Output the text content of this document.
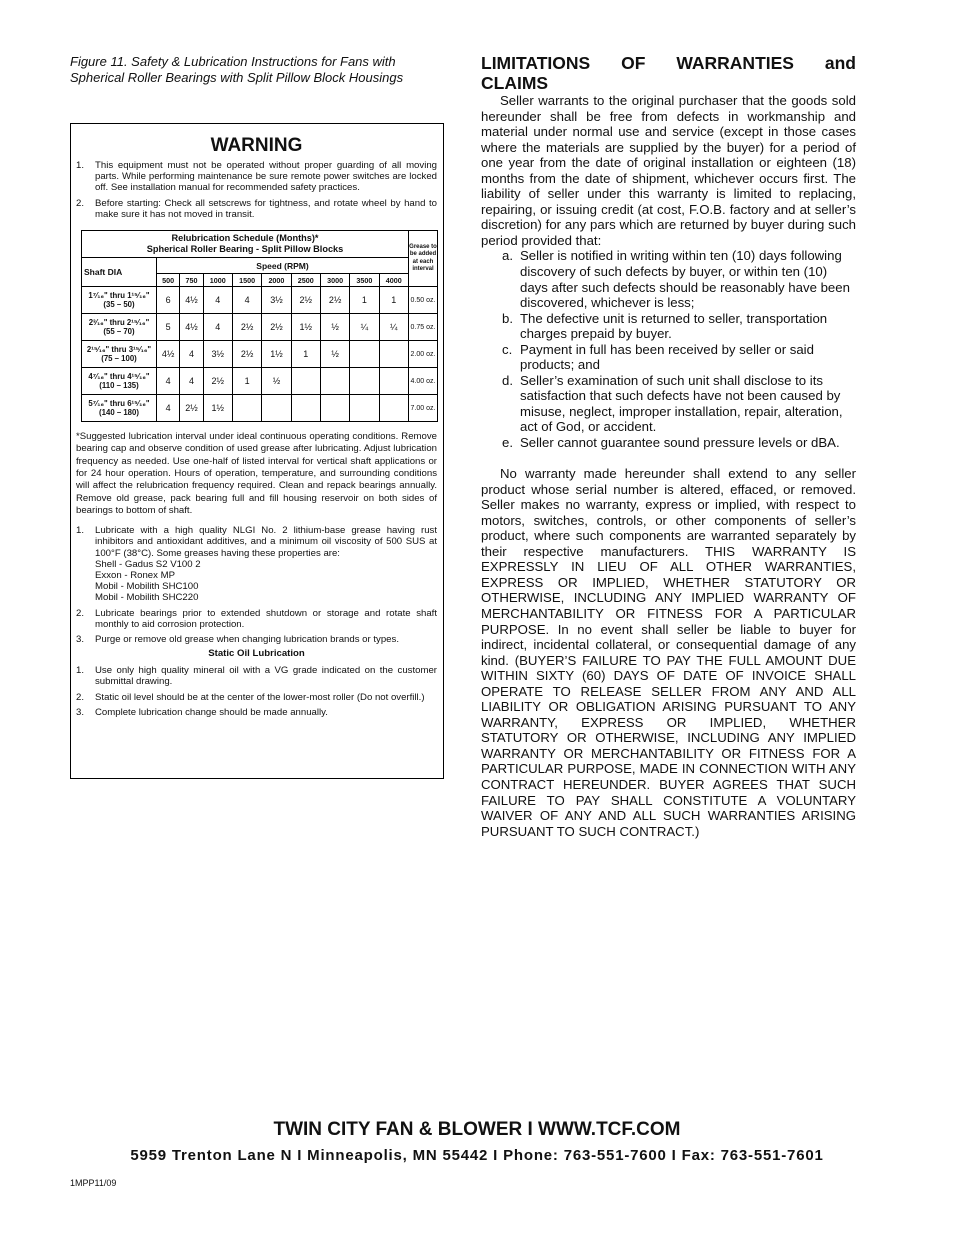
Figure 11. Safety & Lubrication Instructions for Fans with Spherical Roller Bearings with Split Pillow Block Housings
WARNING
1.	This equipment must not be operated without proper guarding of all moving parts. While performing maintenance be sure remote power switches are locked off. See installation manual for recommended safety practices.
2.	Before starting: Check all setscrews for tightness, and rotate wheel by hand to make sure it has not moved in transit.
Relubrication Schedule (Months)*
Spherical Roller Bearing - Split Pillow Blocks										Grease to be added at each interval
Shaft DIA	Speed (RPM)									
	500	750	1000	1500	2000	2500	3000	3500	4000	
1⁷⁄₁₆" thru 1¹⁵⁄₁₆"
(35 – 50)	6	4½	4	4	3½	2½	2½	1	1	0.50 oz.
2³⁄₁₆" thru 2¹⁵⁄₁₆"
(55 – 70)	5	4½	4	2½	2½	1½	½	¼	¼	0.75 oz.
2¹⁵⁄₁₆" thru 3¹⁵⁄₁₆"
(75 – 100)	4½	4	3½	2½	1½	1	½			2.00 oz.
4⁷⁄₁₆" thru 4¹⁵⁄₁₆"
(110 – 135)	4	4	2½	1	½					4.00 oz.
5⁷⁄₁₆" thru 6¹⁵⁄₁₆"
(140 – 180)	4	2½	1½							7.00 oz.
*Suggested lubrication interval under ideal continuous operating conditions. Remove bearing cap and observe condition of used grease after lubricating. Adjust lubrication frequency as needed. Use one-half of listed interval for vertical shaft applications or for 24 hour operation. Hours of operation, temperature, and surrounding conditions will affect the relubrication frequency required. Clean and repack bearings annually. Remove old grease, pack bearing full and fill housing reservoir on both sides of bearings to bottom of shaft.
1.	Lubricate with a high quality NLGI No. 2 lithium-base grease having rust inhibitors and antioxidant additives, and a minimum oil viscosity of 500 SUS at 100°F (38°C). Some greases having these properties are:
Shell - Gadus S2 V100 2
Exxon - Ronex MP
Mobil - Mobilith SHC100
Mobil - Mobilith SHC220
2.	Lubricate bearings prior to extended shutdown or storage and rotate shaft monthly to aid corrosion protection.
3.	Purge or remove old grease when changing lubrication brands or types.
Static Oil Lubrication
1.	Use only high quality mineral oil with a VG grade indicated on the customer submittal drawing.
2.	Static oil level should be at the center of the lower-most roller (Do not overfill.)
3.	Complete lubrication change should be made annually.
LIMITATIONS OF WARRANTIES and
CLAIMS
Seller warrants to the original purchaser that the goods sold hereunder shall be free from defects in workmanship and material under normal use and service (except in those cases where the materials are supplied by the buyer) for a period of one year from the date of original installation or eighteen (18) months from the date of shipment, whichever occurs first. The liability of seller under this warranty is limited to replacing, repairing, or issuing credit (at cost, F.O.B. factory and at seller’s discretion) for any pars which are returned by buyer during such period provided that:
a. Seller is notified in writing within ten (10) days following discovery of such defects by buyer, or within ten (10) days after such defects should be reasonably have been discovered, whichever is less;
b. The defective unit is returned to seller, transportation charges prepaid by buyer.
c. Payment in full has been received by seller or said products; and
d. Seller’s examination of such unit shall disclose to its satisfaction that such defects have not been caused by misuse, neglect, improper installation, repair, alteration, act of God, or accident.
e. Seller cannot guarantee sound pressure levels or dBA.
No warranty made hereunder shall extend to any seller product whose serial number is altered, effaced, or removed. Seller makes no warranty, express or implied, with respect to motors, switches, controls, or other components of seller’s product, where such components are warranted separately by their respective manufacturers. THIS WARRANTY IS EXPRESSLY IN LIEU OF ALL OTHER WARRANTIES, EXPRESS OR IMPLIED, WHETHER STATUTORY OR OTHERWISE, INCLUDING ANY IMPLIED WARRANTY OF MERCHANTABILITY OR FITNESS FOR A PARTICULAR PURPOSE. In no event shall seller be liable to buyer for indirect, incidental collateral, or consequential damage of any kind. (BUYER’S FAILURE TO PAY THE FULL AMOUNT DUE WITHIN SIXTY (60) DAYS OF DATE OF INVOICE SHALL OPERATE TO RELEASE SELLER FROM ANY AND ALL LIABILITY OR OBLIGATION ARISING PURSUANT TO ANY WARRANTY, EXPRESS OR IMPLIED, WHETHER STATUTORY OR OTHERWISE, INCLUDING ANY IMPLIED WARRANTY OR MERCHANTABILITY OR FITNESS FOR A PARTICULAR PURPOSE, MADE IN CONNECTION WITH ANY CONTRACT HEREUNDER. BUYER AGREES THAT SUCH FAILURE TO PAY SHALL CONSTITUTE A VOLUNTARY WAIVER OF ANY AND ALL SUCH WARRANTIES ARISING PURSUANT TO SUCH CONTRACT.)
TWIN CITY FAN & BLOWER I WWW.TCF.COM
5959 Trenton Lane N I Minneapolis, MN 55442 I Phone: 763-551-7600 I Fax: 763-551-7601
1MPP11/09
